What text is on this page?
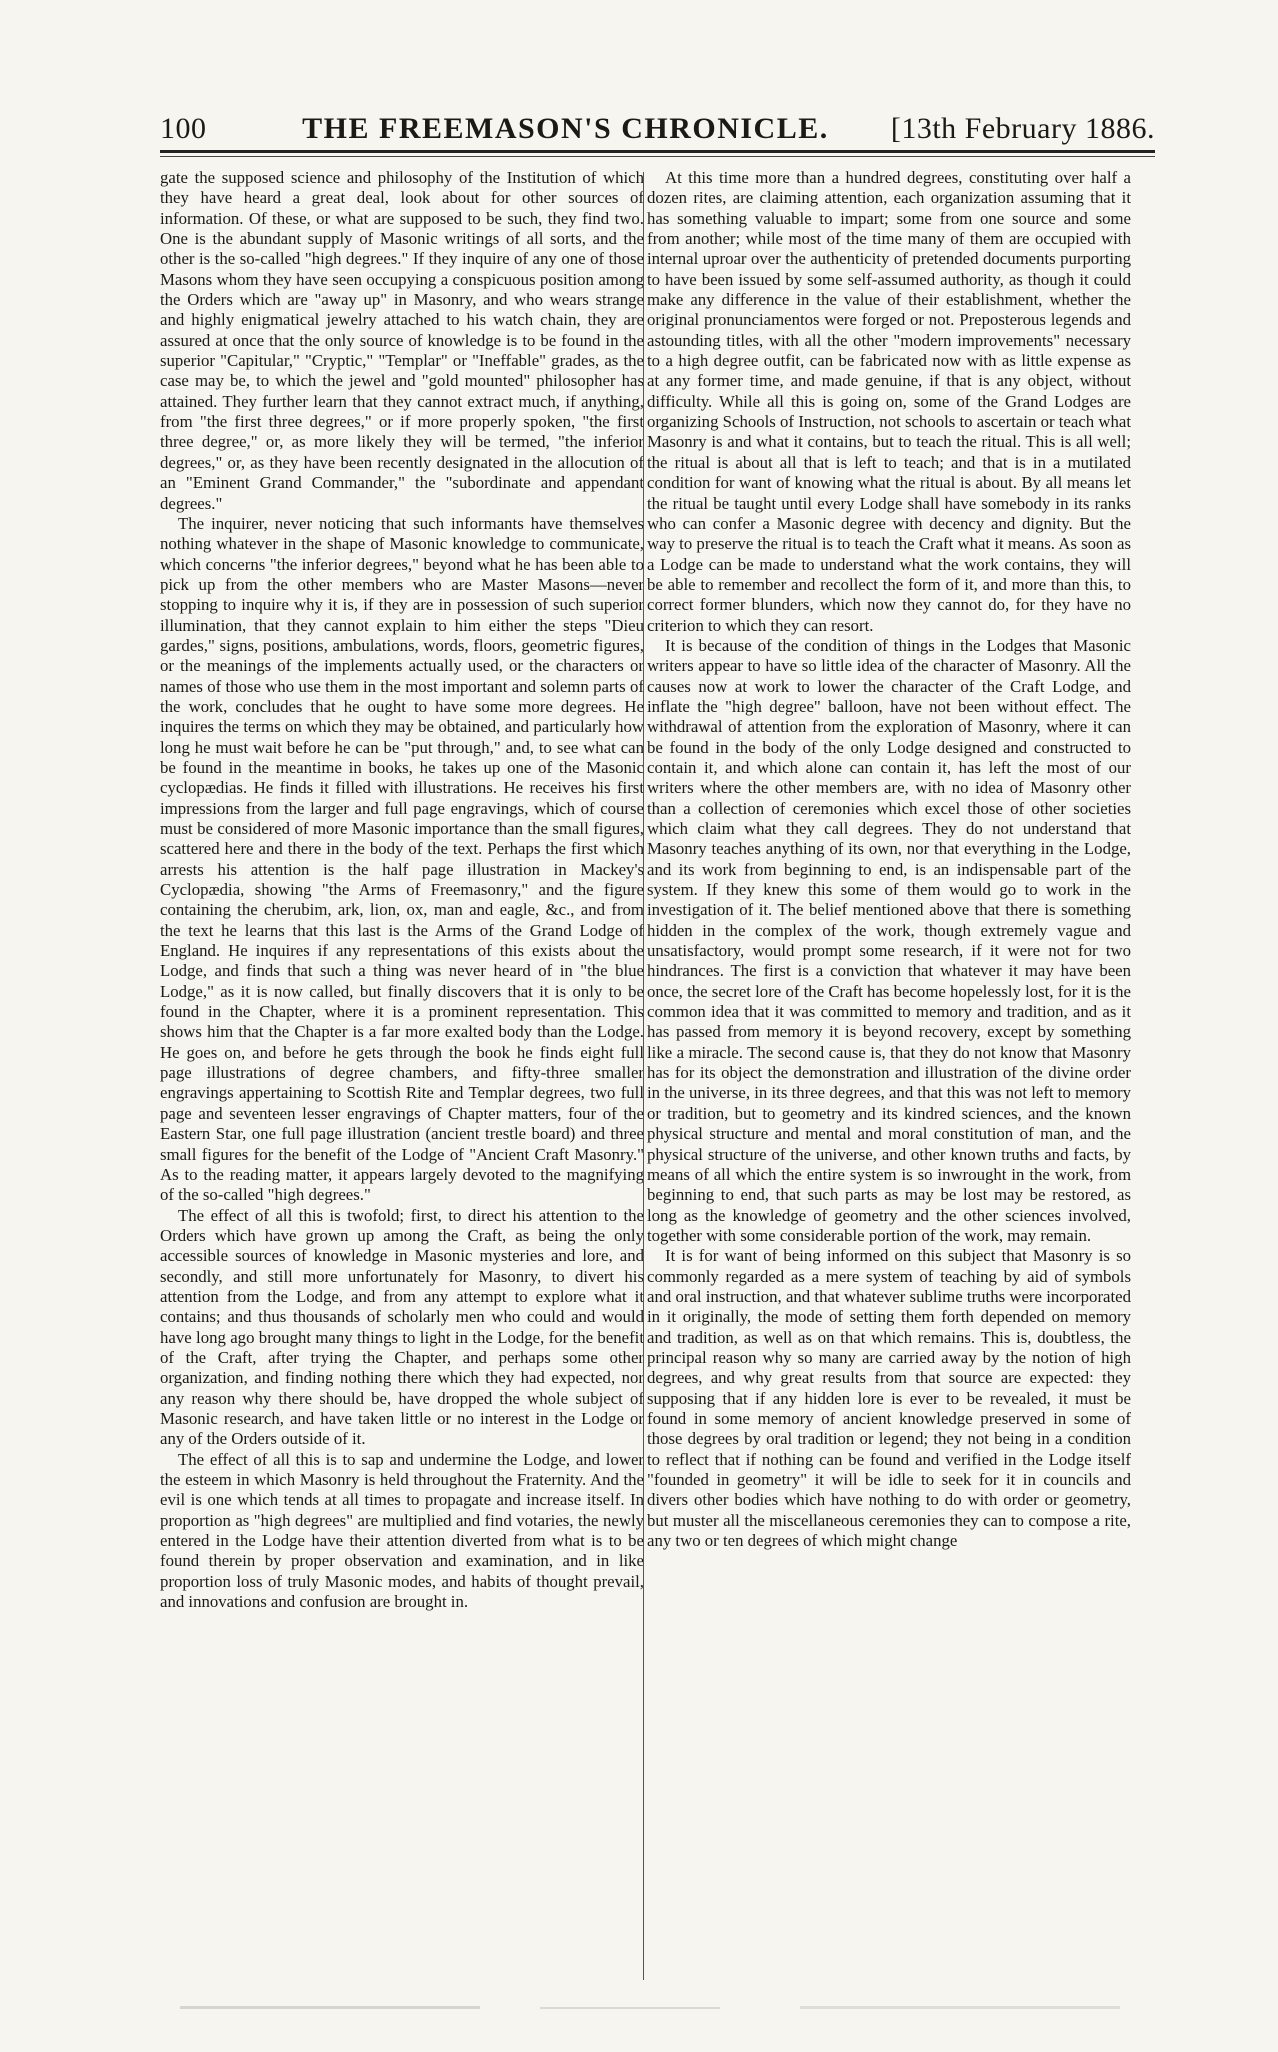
100	THE FREEMASON'S CHRONICLE. [13th February 1886.

gate the supposed science and philosophy of the Institution of which they have heard a great deal, look about for other sources of information. Of these, or what are supposed to be such, they find two. One is the abundant supply of Masonic writings of all sorts, and the other is the so-called "high degrees." If they inquire of any one of those Masons whom they have seen occupying a conspicuous position among the Orders which are "away up" in Masonry, and who wears strange and highly enigmatical jewelry attached to his watch chain, they are assured at once that the only source of knowledge is to be found in the superior "Capitular," "Cryptic," "Templar" or "Ineffable" grades, as the case may be, to which the jewel and "gold mounted" philosopher has attained. They further learn that they cannot extract much, if anything, from "the first three degrees," or if more properly spoken, "the first three degree," or, as more likely they will be termed, "the inferior degrees," or, as they have been recently designated in the allocution of an "Eminent Grand Commander," the "subordinate and appendant degrees."

The inquirer, never noticing that such informants have themselves nothing whatever in the shape of Masonic knowledge to communicate, which concerns "the inferior degrees," beyond what he has been able to pick up from the other members who are Master Masons—never stopping to inquire why it is, if they are in possession of such superior illumination, that they cannot explain to him either the steps "Dieu gardes," signs, positions, ambulations, words, floors, geometric figures, or the meanings of the implements actually used, or the characters or names of those who use them in the most important and solemn parts of the work, concludes that he ought to have some more degrees. He inquires the terms on which they may be obtained, and particularly how long he must wait before he can be "put through," and, to see what can be found in the meantime in books, he takes up one of the Masonic cyclopædias. He finds it filled with illustrations. He receives his first impressions from the larger and full page engravings, which of course must be considered of more Masonic importance than the small figures, scattered here and there in the body of the text. Perhaps the first which arrests his attention is the half page illustration in Mackey's Cyclopædia, showing "the Arms of Freemasonry," and the figure containing the cherubim, ark, lion, ox, man and eagle, &c., and from the text he learns that this last is the Arms of the Grand Lodge of England. He inquires if any representations of this exists about the Lodge, and finds that such a thing was never heard of in "the blue Lodge," as it is now called, but finally discovers that it is only to be found in the Chapter, where it is a prominent representation. This shows him that the Chapter is a far more exalted body than the Lodge. He goes on, and before he gets through the book he finds eight full page illustrations of degree chambers, and fifty-three smaller engravings appertaining to Scottish Rite and Templar degrees, two full page and seventeen lesser engravings of Chapter matters, four of the Eastern Star, one full page illustration (ancient trestle board) and three small figures for the benefit of the Lodge of "Ancient Craft Masonry." As to the reading matter, it appears largely devoted to the magnifying of the so-called "high degrees."

The effect of all this is twofold; first, to direct his attention to the Orders which have grown up among the Craft, as being the only accessible sources of knowledge in Masonic mysteries and lore, and secondly, and still more unfortunately for Masonry, to divert his attention from the Lodge, and from any attempt to explore what it contains; and thus thousands of scholarly men who could and would have long ago brought many things to light in the Lodge, for the benefit of the Craft, after trying the Chapter, and perhaps some other organization, and finding nothing there which they had expected, nor any reason why there should be, have dropped the whole subject of Masonic research, and have taken little or no interest in the Lodge or any of the Orders outside of it.

The effect of all this is to sap and undermine the Lodge, and lower the esteem in which Masonry is held throughout the Fraternity. And the evil is one which tends at all times to propagate and increase itself. In proportion as "high degrees" are multiplied and find votaries, the newly entered in the Lodge have their attention diverted from what is to be found therein by proper observation and examination, and in like proportion loss of truly Masonic modes, and habits of thought prevail, and innovations and confusion are brought in.

At this time more than a hundred degrees, constituting over half a dozen rites, are claiming attention, each organization assuming that it has something valuable to impart; some from one source and some from another; while most of the time many of them are occupied with internal uproar over the authenticity of pretended documents purporting to have been issued by some self-assumed authority, as though it could make any difference in the value of their establishment, whether the original pronunciamentos were forged or not. Preposterous legends and astounding titles, with all the other "modern improvements" necessary to a high degree outfit, can be fabricated now with as little expense as at any former time, and made genuine, if that is any object, without difficulty. While all this is going on, some of the Grand Lodges are organizing Schools of Instruction, not schools to ascertain or teach what Masonry is and what it contains, but to teach the ritual. This is all well; the ritual is about all that is left to teach; and that is in a mutilated condition for want of knowing what the ritual is about. By all means let the ritual be taught until every Lodge shall have somebody in its ranks who can confer a Masonic degree with decency and dignity. But the way to preserve the ritual is to teach the Craft what it means. As soon as a Lodge can be made to understand what the work contains, they will be able to remember and recollect the form of it, and more than this, to correct former blunders, which now they cannot do, for they have no criterion to which they can resort.

It is because of the condition of things in the Lodges that Masonic writers appear to have so little idea of the character of Masonry. All the causes now at work to lower the character of the Craft Lodge, and inflate the "high degree" balloon, have not been without effect. The withdrawal of attention from the exploration of Masonry, where it can be found in the body of the only Lodge designed and constructed to contain it, and which alone can contain it, has left the most of our writers where the other members are, with no idea of Masonry other than a collection of ceremonies which excel those of other societies which claim what they call degrees. They do not understand that Masonry teaches anything of its own, nor that everything in the Lodge, and its work from beginning to end, is an indispensable part of the system. If they knew this some of them would go to work in the investigation of it. The belief mentioned above that there is something hidden in the complex of the work, though extremely vague and unsatisfactory, would prompt some research, if it were not for two hindrances. The first is a conviction that whatever it may have been once, the secret lore of the Craft has become hopelessly lost, for it is the common idea that it was committed to memory and tradition, and as it has passed from memory it is beyond recovery, except by something like a miracle. The second cause is, that they do not know that Masonry has for its object the demonstration and illustration of the divine order in the universe, in its three degrees, and that this was not left to memory or tradition, but to geometry and its kindred sciences, and the known physical structure and mental and moral constitution of man, and the physical structure of the universe, and other known truths and facts, by means of all which the entire system is so inwrought in the work, from beginning to end, that such parts as may be lost may be restored, as long as the knowledge of geometry and the other sciences involved, together with some considerable portion of the work, may remain.

It is for want of being informed on this subject that Masonry is so commonly regarded as a mere system of teaching by aid of symbols and oral instruction, and that whatever sublime truths were incorporated in it originally, the mode of setting them forth depended on memory and tradition, as well as on that which remains. This is, doubtless, the principal reason why so many are carried away by the notion of high degrees, and why great results from that source are expected: they supposing that if any hidden lore is ever to be revealed, it must be found in some memory of ancient knowledge preserved in some of those degrees by oral tradition or legend; they not being in a condition to reflect that if nothing can be found and verified in the Lodge itself "founded in geometry" it will be idle to seek for it in councils and divers other bodies which have nothing to do with order or geometry, but muster all the miscellaneous ceremonies they can to compose a rite, any two or ten degrees of which might change
